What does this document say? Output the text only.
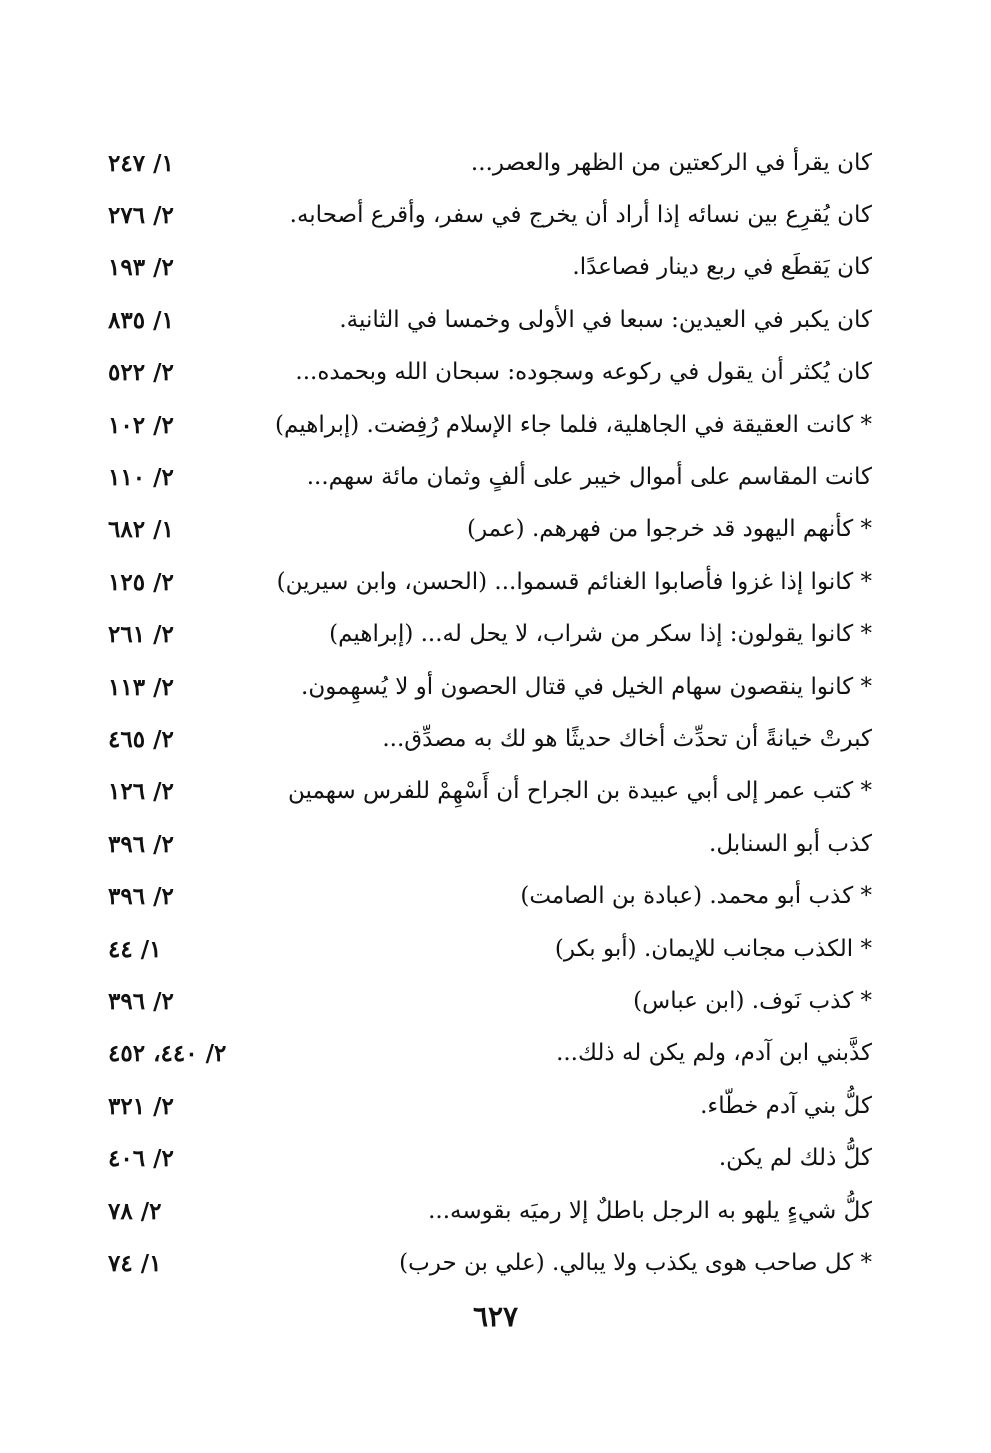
كان يقرأ في الركعتين من الظهر والعصر...
١/ ٢٤٧
كان يُقرِع بين نسائه إذا أراد أن يخرج في سفر، وأقرع أصحابه.
٢/ ٢٧٦
كان يَقطَع في ربع دينار فصاعدًا.
٢/ ١٩٣
كان يكبر في العيدين: سبعا في الأولى وخمسا في الثانية.
١/ ٨٣٥
كان يُكثر أن يقول في ركوعه وسجوده: سبحان الله وبحمده...
٢/ ٥٢٢
* كانت العقيقة في الجاهلية، فلما جاء الإسلام رُفِضت. (إبراهيم)
٢/ ١٠٢
كانت المقاسم على أموال خيبر على ألفٍ وثمان مائة سهم...
٢/ ١١٠
* كأنهم اليهود قد خرجوا من فهرهم. (عمر)
١/ ٦٨٢
* كانوا إذا غزوا فأصابوا الغنائم قسموا... (الحسن، وابن سيرين)
٢/ ١٢٥
* كانوا يقولون: إذا سكر من شراب، لا يحل له... (إبراهيم)
٢/ ٢٦١
* كانوا ينقصون سهام الخيل في قتال الحصون أو لا يُسهِمون.
٢/ ١١٣
كبرتْ خيانةً أن تحدِّث أخاك حديثًا هو لك به مصدِّق...
٢/ ٤٦٥
* كتب عمر إلى أبي عبيدة بن الجراح أن أَسْهِمْ للفرس سهمين
٢/ ١٢٦
كذب أبو السنابل.
٢/ ٣٩٦
* كذب أبو محمد. (عبادة بن الصامت)
٢/ ٣٩٦
* الكذب مجانب للإيمان. (أبو بكر)
١/ ٤٤
* كذب نَوف. (ابن عباس)
٢/ ٣٩٦
كذَّبني ابن آدم، ولم يكن له ذلك...
٢/ ٤٤٠، ٤٥٢
كلُّ بني آدم خطّاء.
٢/ ٣٢١
كلُّ ذلك لم يكن.
٢/ ٤٠٦
كلُّ شيءٍ يلهو به الرجل باطلٌ إلا رميَه بقوسه...
٢/ ٧٨
* كل صاحب هوى يكذب ولا يبالي. (علي بن حرب)
١/ ٧٤
٦٢٧
